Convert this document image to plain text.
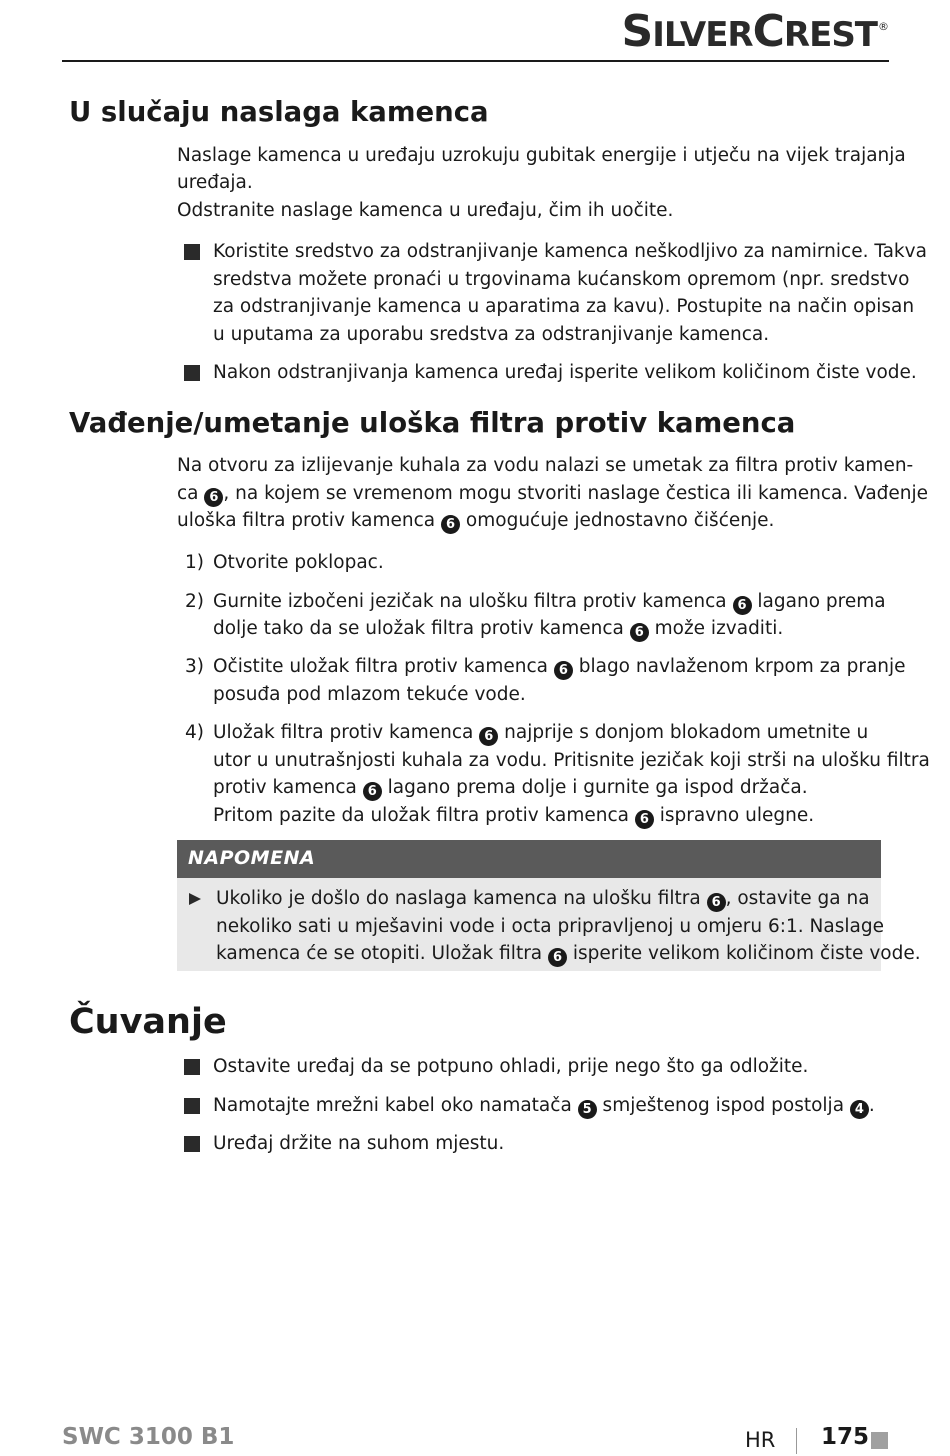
SILVERCREST®
U slučaju naslaga kamenca

Naslage kamenca u uređaju uzrokuju gubitak energije i utječu na vijek trajanja

uređaja.

Odstranite naslage kamenca u uređaju, čim ih uočite.

Koristite sredstvo za odstranjivanje kamenca neškodljivo za namirnice. Takva

sredstva možete pronaći u trgovinama kućanskom opremom (npr. sredstvo

za odstranjivanje kamenca u aparatima za kavu). Postupite na način opisan

u uputama za uporabu sredstva za odstranjivanje kamenca.

Nakon odstranjivanja kamenca uređaj isperite velikom količinom čiste vode.

Vađenje/umetanje uloška filtra protiv kamenca

Na otvoru za izlijevanje kuhala za vodu nalazi se umetak za filtra protiv kamen-

ca 6 , na kojem se vremenom mogu stvoriti naslage čestica ili kamenca. Vađenje

uloška filtra protiv kamenca 6 omogućuje jednostavno čišćenje.

1) Otvorite poklopac.

2) Gurnite izbočeni jezičak na ulošku filtra protiv kamenca 6 lagano prema

dolje tako da se uložak filtra protiv kamenca 6 može izvaditi.

3) Očistite uložak filtra protiv kamenca 6 blago navlaženom krpom za pranje

posuđa pod mlazom tekuće vode.

4) Uložak filtra protiv kamenca 6 najprije s donjom blokadom umetnite u

utor u unutrašnjosti kuhala za vodu. Pritisnite jezičak koji strši na ulošku filtra

protiv kamenca 6 lagano prema dolje i gurnite ga ispod držača.

Pritom pazite da uložak filtra protiv kamenca 6 ispravno ulegne.

NAPOMENA

Ukoliko je došlo do naslaga kamenca na ulošku filtra 6 , ostavite ga na

nekoliko sati u mješavini vode i octa pripravljenoj u omjeru 6:1. Naslage

kamenca će se otopiti. Uložak filtra 6 isperite velikom količinom čiste vode.

Čuvanje

Ostavite uređaj da se potpuno ohladi, prije nego što ga odložite.

Namotajte mrežni kabel oko namatača 5 smještenog ispod postolja 4 .

Uređaj držite na suhom mjestu.

SWC 3100 B1	HR 175
